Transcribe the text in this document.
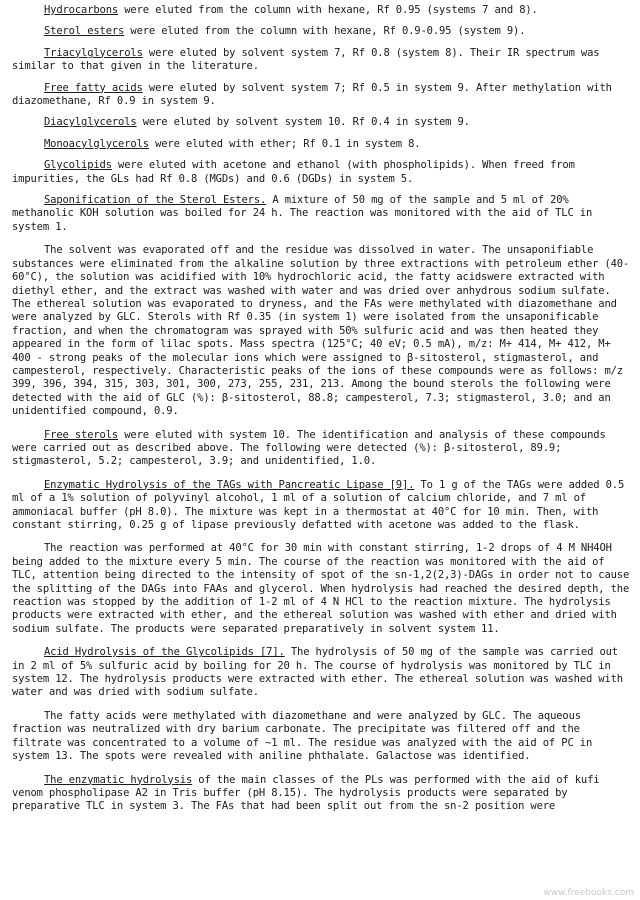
Hydrocarbons were eluted from the column with hexane, Rf 0.95 (systems 7 and 8).

Sterol esters were eluted from the column with hexane, Rf 0.9-0.95 (system 9).

Triacylglycerols were eluted by solvent system 7, Rf 0.8 (system 8). Their IR spectrum was similar to that given in the literature.

Free fatty acids were eluted by solvent system 7; Rf 0.5 in system 9. After methylation with diazomethane, Rf 0.9 in system 9.

Diacylglycerols were eluted by solvent system 10. Rf 0.4 in system 9.

Monoacylglycerols were eluted with ether; Rf 0.1 in system 8.

Glycolipids were eluted with acetone and ethanol (with phospholipids). When freed from impurities, the GLs had Rf 0.8 (MGDs) and 0.6 (DGDs) in system 5.

Saponification of the Sterol Esters. A mixture of 50 mg of the sample and 5 ml of 20% methanolic KOH solution was boiled for 24 h. The reaction was monitored with the aid of TLC in system 1.

The solvent was evaporated off and the residue was dissolved in water. The unsaponifiable substances were eliminated from the alkaline solution by three extractions with petroleum ether (40-60°C), the solution was acidified with 10% hydrochloric acid, the fatty acidswere extracted with diethyl ether, and the extract was washed with water and was dried over anhydrous sodium sulfate. The ethereal solution was evaporated to dryness, and the FAs were methylated with diazomethane and were analyzed by GLC. Sterols with Rf 0.35 (in system 1) were isolated from the unsaponificable fraction, and when the chromatogram was sprayed with 50% sulfuric acid and was then heated they appeared in the form of lilac spots. Mass spectra (125°C; 40 eV; 0.5 mA), m/z: M+ 414, M+ 412, M+ 400 - strong peaks of the molecular ions which were assigned to β-sitosterol, stigmasterol, and campesterol, respectively. Characteristic peaks of the ions of these compounds were as follows: m/z 399, 396, 394, 315, 303, 301, 300, 273, 255, 231, 213. Among the bound sterols the following were detected with the aid of GLC (%): β-sitosterol, 88.8; campesterol, 7.3; stigmasterol, 3.0; and an unidentified compound, 0.9.

Free sterols were eluted with system 10. The identification and analysis of these compounds were carried out as described above. The following were detected (%): β-sitosterol, 89.9; stigmasterol, 5.2; campesterol, 3.9; and unidentified, 1.0.

Enzymatic Hydrolysis of the TAGs with Pancreatic Lipase [9]. To 1 g of the TAGs were added 0.5 ml of a 1% solution of polyvinyl alcohol, 1 ml of a solution of calcium chloride, and 7 ml of ammoniacal buffer (pH 8.0). The mixture was kept in a thermostat at 40°C for 10 min. Then, with constant stirring, 0.25 g of lipase previously defatted with acetone was added to the flask.

The reaction was performed at 40°C for 30 min with constant stirring, 1-2 drops of 4 M NH4OH being added to the mixture every 5 min. The course of the reaction was monitored with the aid of TLC, attention being directed to the intensity of spot of the sn-1,2(2,3)-DAGs in order not to cause the splitting of the DAGs into FAAs and glycerol. When hydrolysis had reached the desired depth, the reaction was stopped by the addition of 1-2 ml of 4 N HCl to the reaction mixture. The hydrolysis products were extracted with ether, and the ethereal solution was washed with ether and dried with sodium sulfate. The products were separated preparatively in solvent system 11.

Acid Hydrolysis of the Glycolipids [7]. The hydrolysis of 50 mg of the sample was carried out in 2 ml of 5% sulfuric acid by boiling for 20 h. The course of hydrolysis was monitored by TLC in system 12. The hydrolysis products were extracted with ether. The ethereal solution was washed with water and was dried with sodium sulfate.

The fatty acids were methylated with diazomethane and were analyzed by GLC. The aqueous fraction was neutralized with dry barium carbonate. The precipitate was filtered off and the filtrate was concentrated to a volume of ~1 ml. The residue was analyzed with the aid of PC in system 13. The spots were revealed with aniline phthalate. Galactose was identified.

The enzymatic hydrolysis of the main classes of the PLs was performed with the aid of kufi venom phospholipase A2 in Tris buffer (pH 8.15). The hydrolysis products were separated by preparative TLC in system 3. The FAs that had been split out from the sn-2 position were

www.freebooks.com
